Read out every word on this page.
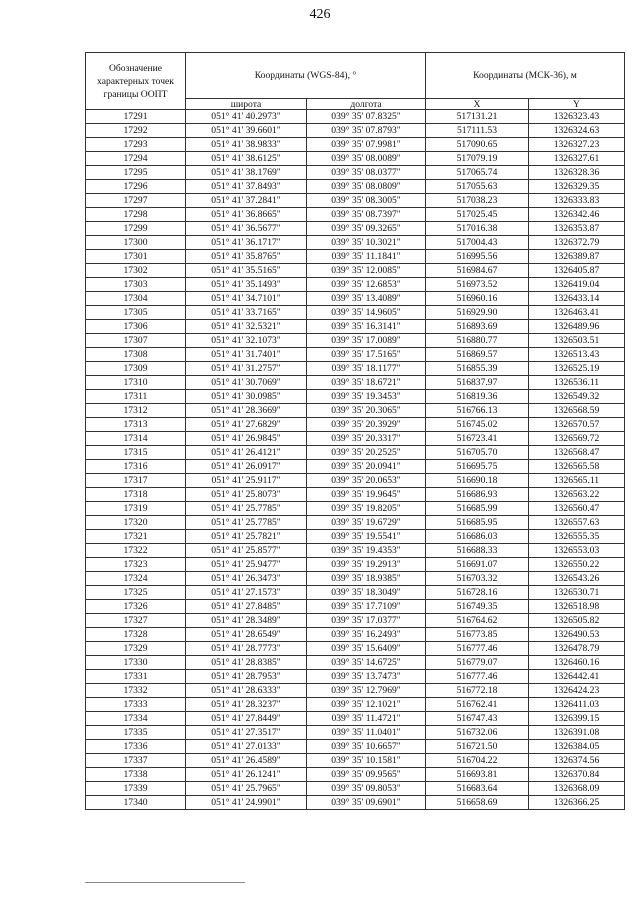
426
Обозначение характерных точек границы ООПТ	Координаты (WGS-84), °		Координаты (МСК-36), м	
	широта	долгота	X	Y
17291	051° 41' 40.2973"	039° 35' 07.8325"	517131.21	1326323.43
17292	051° 41' 39.6601"	039° 35' 07.8793"	517111.53	1326324.63
17293	051° 41' 38.9833"	039° 35' 07.9981"	517090.65	1326327.23
17294	051° 41' 38.6125"	039° 35' 08.0089"	517079.19	1326327.61
17295	051° 41' 38.1769"	039° 35' 08.0377"	517065.74	1326328.36
17296	051° 41' 37.8493"	039° 35' 08.0809"	517055.63	1326329.35
17297	051° 41' 37.2841"	039° 35' 08.3005"	517038.23	1326333.83
17298	051° 41' 36.8665"	039° 35' 08.7397"	517025.45	1326342.46
17299	051° 41' 36.5677"	039° 35' 09.3265"	517016.38	1326353.87
17300	051° 41' 36.1717"	039° 35' 10.3021"	517004.43	1326372.79
17301	051° 41' 35.8765"	039° 35' 11.1841"	516995.56	1326389.87
17302	051° 41' 35.5165"	039° 35' 12.0085"	516984.67	1326405.87
17303	051° 41' 35.1493"	039° 35' 12.6853"	516973.52	1326419.04
17304	051° 41' 34.7101"	039° 35' 13.4089"	516960.16	1326433.14
17305	051° 41' 33.7165"	039° 35' 14.9605"	516929.90	1326463.41
17306	051° 41' 32.5321"	039° 35' 16.3141"	516893.69	1326489.96
17307	051° 41' 32.1073"	039° 35' 17.0089"	516880.77	1326503.51
17308	051° 41' 31.7401"	039° 35' 17.5165"	516869.57	1326513.43
17309	051° 41' 31.2757"	039° 35' 18.1177"	516855.39	1326525.19
17310	051° 41' 30.7069"	039° 35' 18.6721"	516837.97	1326536.11
17311	051° 41' 30.0985"	039° 35' 19.3453"	516819.36	1326549.32
17312	051° 41' 28.3669"	039° 35' 20.3065"	516766.13	1326568.59
17313	051° 41' 27.6829"	039° 35' 20.3929"	516745.02	1326570.57
17314	051° 41' 26.9845"	039° 35' 20.3317"	516723.41	1326569.72
17315	051° 41' 26.4121"	039° 35' 20.2525"	516705.70	1326568.47
17316	051° 41' 26.0917"	039° 35' 20.0941"	516695.75	1326565.58
17317	051° 41' 25.9117"	039° 35' 20.0653"	516690.18	1326565.11
17318	051° 41' 25.8073"	039° 35' 19.9645"	516686.93	1326563.22
17319	051° 41' 25.7785"	039° 35' 19.8205"	516685.99	1326560.47
17320	051° 41' 25.7785"	039° 35' 19.6729"	516685.95	1326557.63
17321	051° 41' 25.7821"	039° 35' 19.5541"	516686.03	1326555.35
17322	051° 41' 25.8577"	039° 35' 19.4353"	516688.33	1326553.03
17323	051° 41' 25.9477"	039° 35' 19.2913"	516691.07	1326550.22
17324	051° 41' 26.3473"	039° 35' 18.9385"	516703.32	1326543.26
17325	051° 41' 27.1573"	039° 35' 18.3049"	516728.16	1326530.71
17326	051° 41' 27.8485"	039° 35' 17.7109"	516749.35	1326518.98
17327	051° 41' 28.3489"	039° 35' 17.0377"	516764.62	1326505.82
17328	051° 41' 28.6549"	039° 35' 16.2493"	516773.85	1326490.53
17329	051° 41' 28.7773"	039° 35' 15.6409"	516777.46	1326478.79
17330	051° 41' 28.8385"	039° 35' 14.6725"	516779.07	1326460.16
17331	051° 41' 28.7953"	039° 35' 13.7473"	516777.46	1326442.41
17332	051° 41' 28.6333"	039° 35' 12.7969"	516772.18	1326424.23
17333	051° 41' 28.3237"	039° 35' 12.1021"	516762.41	1326411.03
17334	051° 41' 27.8449"	039° 35' 11.4721"	516747.43	1326399.15
17335	051° 41' 27.3517"	039° 35' 11.0401"	516732.06	1326391.08
17336	051° 41' 27.0133"	039° 35' 10.6657"	516721.50	1326384.05
17337	051° 41' 26.4589"	039° 35' 10.1581"	516704.22	1326374.56
17338	051° 41' 26.1241"	039° 35' 09.9565"	516693.81	1326370.84
17339	051° 41' 25.7965"	039° 35' 09.8053"	516683.64	1326368.09
17340	051° 41' 24.9901"	039° 35' 09.6901"	516658.69	1326366.25
